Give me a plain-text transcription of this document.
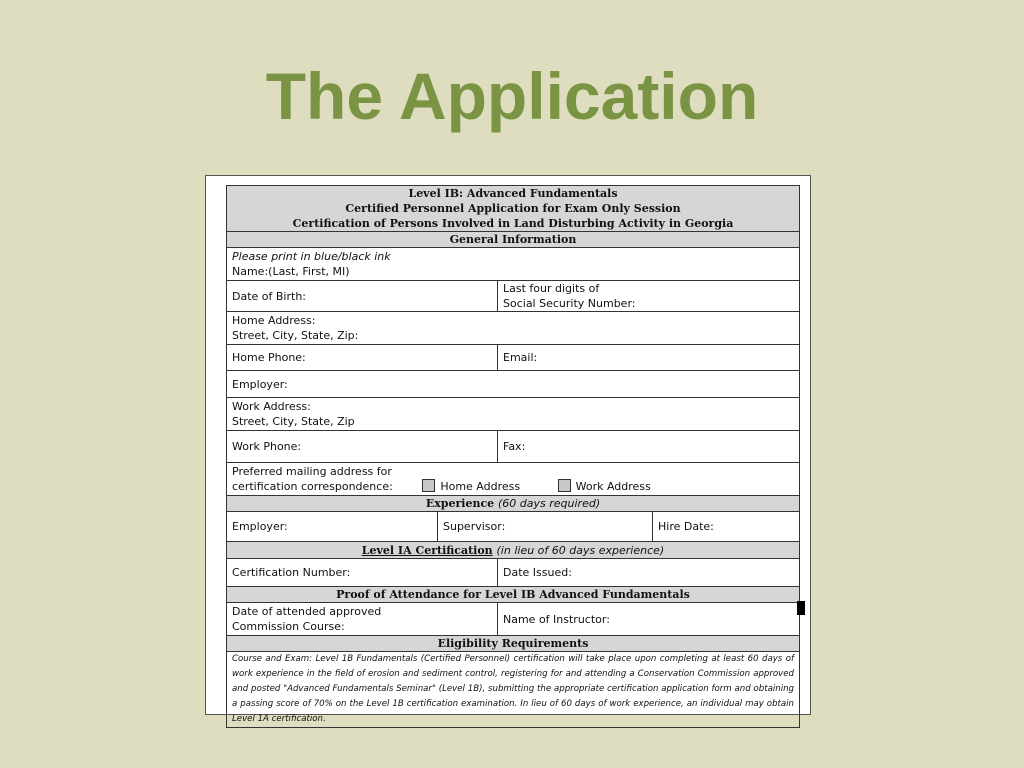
The Application
Level IB: Advanced Fundamentals
Certified Personnel Application for Exam Only Session
Certification of Persons Involved in Land Disturbing Activity in Georgia			

General Information			

Please print in blue/black ink
Name:(Last, First, MI)			

Date of Birth:		Last four digits of
Social Security Number:	

Home Address:
Street, City, State, Zip:			

Home Phone:		Email:	
Employer:			

Work Address:
Street, City, State, Zip			

Work Phone:		Fax:	

Preferred mailing address for
certification correspondence: Home Address Work Address			

Experience (60 days required)			
Employer:	Supervisor:		Hire Date:
Level IA Certification (in lieu of 60 days experience)			
Certification Number:		Date Issued:	
Proof of Attendance for Level IB Advanced Fundamentals			

Date of attended approved
Commission Course:		Name of Instructor:	
Eligibility Requirements			
Course and Exam: Level 1B Fundamentals (Certified Personnel) certification will take place upon completing at least 60 days of work experience in the field of erosion and sediment control, registering for and attending a Conservation Commission approved and posted "Advanced Fundamentals Seminar" (Level 1B), submitting the appropriate certification application form and obtaining a passing score of 70% on the Level 1B certification examination. In lieu of 60 days of work experience, an individual may obtain Level 1A certification.			
